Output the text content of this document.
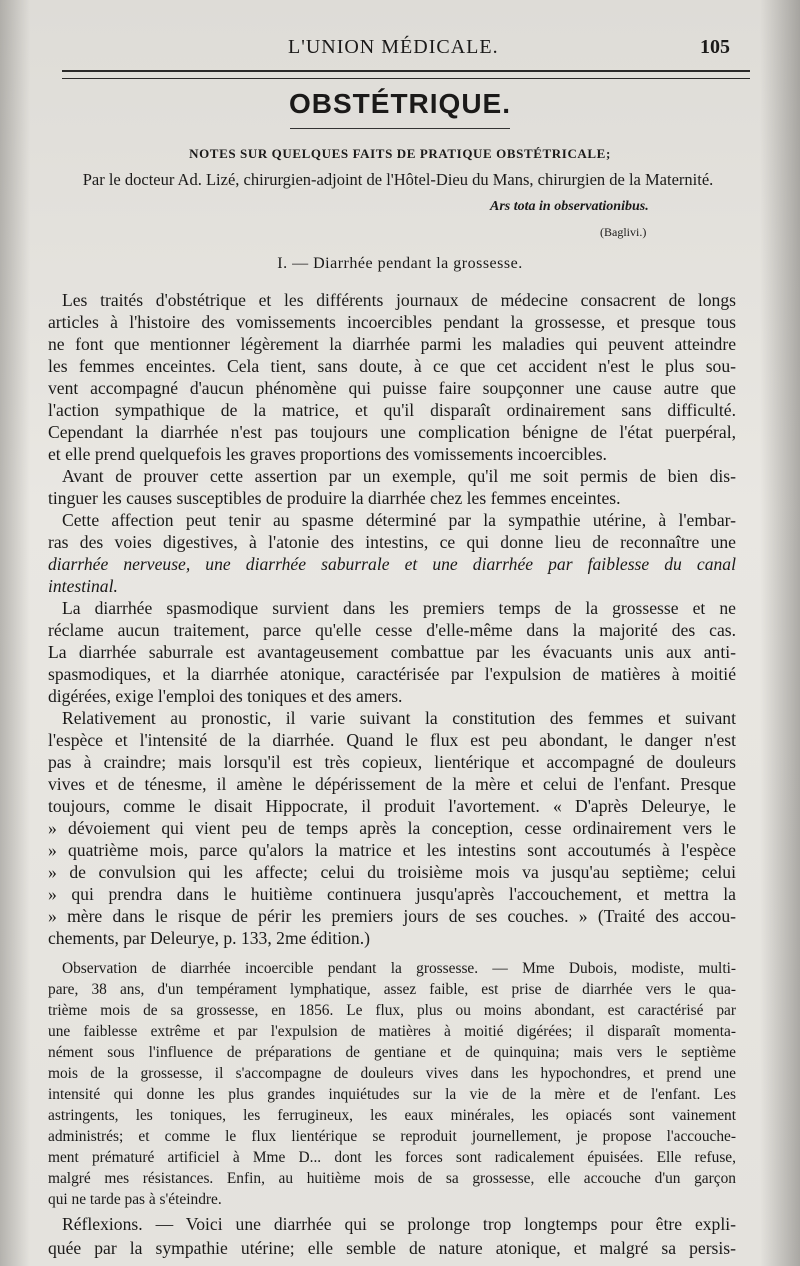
L'UNION MÉDICALE.	105
OBSTÉTRIQUE.
NOTES SUR QUELQUES FAITS DE PRATIQUE OBSTÉTRICALE;
Par le docteur Ad. Lizé, chirurgien-adjoint de l'Hôtel-Dieu du Mans, chirurgien de la Maternité.
Ars tota in observationibus.
(Baglivi.)
I. — Diarrhée pendant la grossesse.
Les traités d'obstétrique et les différents journaux de médecine consacrent de longs
articles à l'histoire des vomissements incoercibles pendant la grossesse, et presque tous
ne font que mentionner légèrement la diarrhée parmi les maladies qui peuvent atteindre
les femmes enceintes. Cela tient, sans doute, à ce que cet accident n'est le plus sou-
vent accompagné d'aucun phénomène qui puisse faire soupçonner une cause autre que
l'action sympathique de la matrice, et qu'il disparaît ordinairement sans difficulté.
Cependant la diarrhée n'est pas toujours une complication bénigne de l'état puerpéral,
et elle prend quelquefois les graves proportions des vomissements incoercibles.
Avant de prouver cette assertion par un exemple, qu'il me soit permis de bien dis-
tinguer les causes susceptibles de produire la diarrhée chez les femmes enceintes.
Cette affection peut tenir au spasme déterminé par la sympathie utérine, à l'embar-
ras des voies digestives, à l'atonie des intestins, ce qui donne lieu de reconnaître une
diarrhée nerveuse, une diarrhée saburrale et une diarrhée par faiblesse du canal
intestinal.
La diarrhée spasmodique survient dans les premiers temps de la grossesse et ne
réclame aucun traitement, parce qu'elle cesse d'elle-même dans la majorité des cas.
La diarrhée saburrale est avantageusement combattue par les évacuants unis aux anti-
spasmodiques, et la diarrhée atonique, caractérisée par l'expulsion de matières à moitié
digérées, exige l'emploi des toniques et des amers.
Relativement au pronostic, il varie suivant la constitution des femmes et suivant
l'espèce et l'intensité de la diarrhée. Quand le flux est peu abondant, le danger n'est
pas à craindre; mais lorsqu'il est très copieux, lientérique et accompagné de douleurs
vives et de ténesme, il amène le dépérissement de la mère et celui de l'enfant. Presque
toujours, comme le disait Hippocrate, il produit l'avortement. « D'après Deleurye, le
» dévoiement qui vient peu de temps après la conception, cesse ordinairement vers le
» quatrième mois, parce qu'alors la matrice et les intestins sont accoutumés à l'espèce
» de convulsion qui les affecte; celui du troisième mois va jusqu'au septième; celui
» qui prendra dans le huitième continuera jusqu'après l'accouchement, et mettra la
» mère dans le risque de périr les premiers jours de ses couches. » (Traité des accou-
chements, par Deleurye, p. 133, 2me édition.)
Observation de diarrhée incoercible pendant la grossesse. — Mme Dubois, modiste, multi-
pare, 38 ans, d'un tempérament lymphatique, assez faible, est prise de diarrhée vers le qua-
trième mois de sa grossesse, en 1856. Le flux, plus ou moins abondant, est caractérisé par
une faiblesse extrême et par l'expulsion de matières à moitié digérées; il disparaît momenta-
nément sous l'influence de préparations de gentiane et de quinquina; mais vers le septième
mois de la grossesse, il s'accompagne de douleurs vives dans les hypochondres, et prend une
intensité qui donne les plus grandes inquiétudes sur la vie de la mère et de l'enfant. Les
astringents, les toniques, les ferrugineux, les eaux minérales, les opiacés sont vainement
administrés; et comme le flux lientérique se reproduit journellement, je propose l'accouche-
ment prématuré artificiel à Mme D... dont les forces sont radicalement épuisées. Elle refuse,
malgré mes résistances. Enfin, au huitième mois de sa grossesse, elle accouche d'un garçon
qui ne tarde pas à s'éteindre.
Réflexions. — Voici une diarrhée qui se prolonge trop longtemps pour être expli-
quée par la sympathie utérine; elle semble de nature atonique, et malgré sa persis-
